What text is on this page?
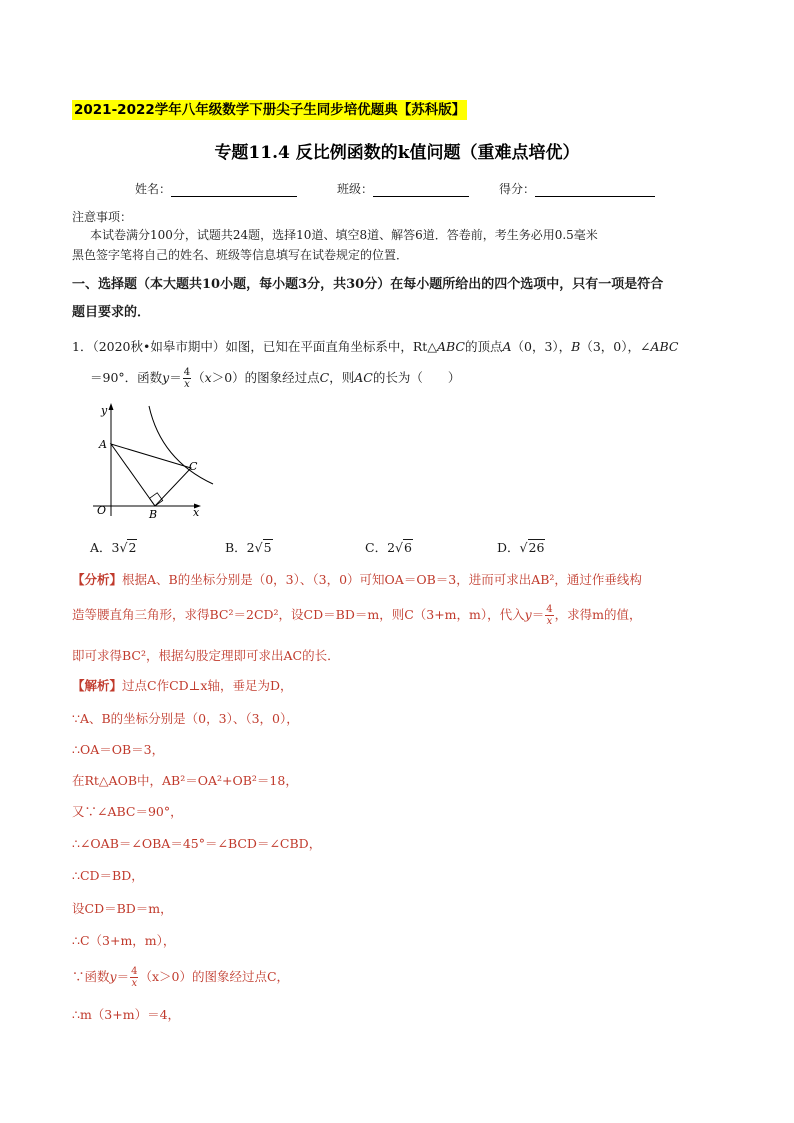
2021-2022学年八年级数学下册尖子生同步培优题典【苏科版】
专题11.4 反比例函数的k值问题（重难点培优）
姓名：	班级：	得分：
注意事项：
本试卷满分100分，试题共24题，选择10道、填空8道、解答6道．答卷前，考生务必用0.5毫米
黑色签字笔将自己的姓名、班级等信息填写在试卷规定的位置．
一、选择题（本大题共10小题，每小题3分，共30分）在每小题所给出的四个选项中，只有一项是符合
题目要求的．
1．（2020秋•如皋市期中）如图，已知在平面直角坐标系中，Rt△ABC的顶点A（0，3），B（3，0），∠ABC
＝90°．函数$y= \frac{4}{x} (x>0)$的图象经过点C，则AC的长为（　　）
y
x
O
A
B
C
A．3√2	B．2√5	C．2√6	D．√26
【分析】根据A、B的坐标分别是（0，3）、（3，0）可知OA＝OB＝3，进而可求出AB²，通过作垂线构
造等腰直角三角形，求得BC²＝2CD²，设CD＝BD＝m，则C（3+m，m），代入$y= \frac{4}{x}$ ，求得m的值，
即可求得BC²，根据勾股定理即可求出AC的长．
【解析】过点C作CD⊥x轴，垂足为D，
∵A、B的坐标分别是（0，3）、（3，0），
∴OA＝OB＝3，
在Rt△AOB中，AB²＝OA²+OB²＝18，
又∵∠ABC＝90°，
∴∠OAB＝∠OBA＝45°＝∠BCD＝∠CBD，
∴CD＝BD，
设CD＝BD＝m，
∴C（3+m，m），
∵函数$y= \frac{4}{x} (x>0)$的图象经过点C，
∴m（3+m）＝4，
